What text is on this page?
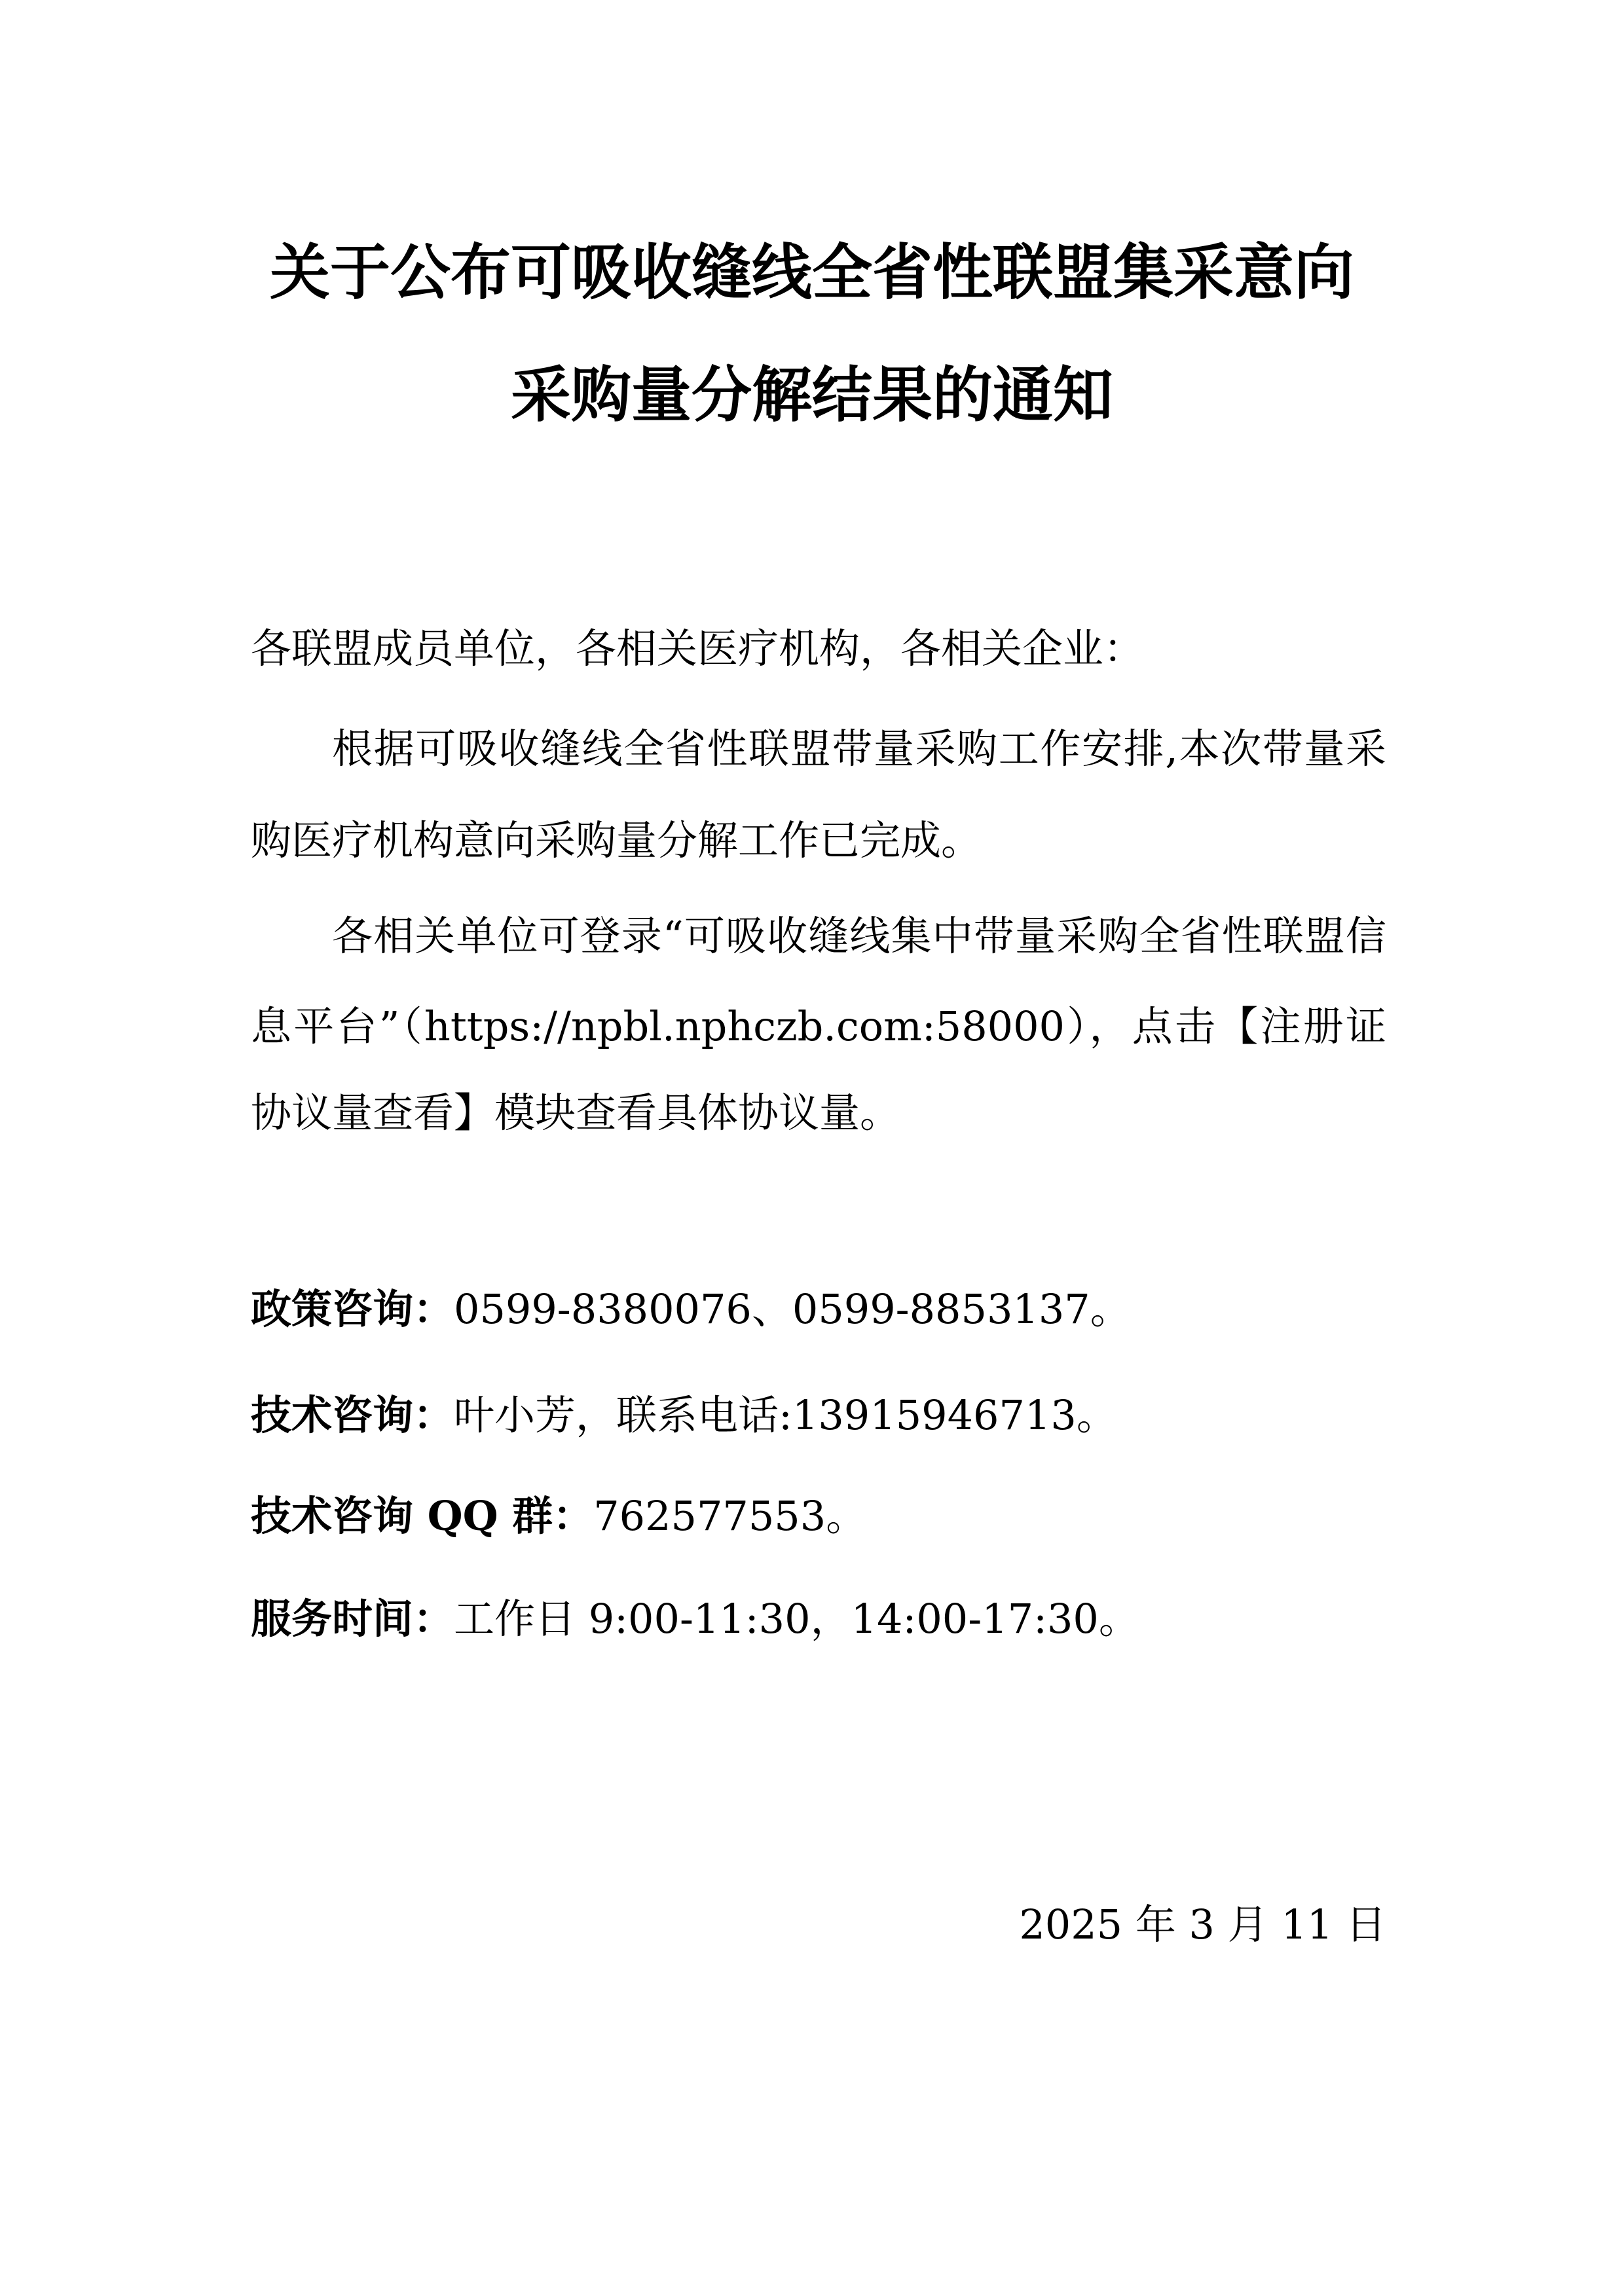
关于公布可吸收缝线全省性联盟集采意向
采购量分解结果的通知
各联盟成员单位，各相关医疗机构，各相关企业：
根据可吸收缝线全省性联盟带量采购工作安排,本次带量采
购医疗机构意向采购量分解工作已完成。
各相关单位可登录“可吸收缝线集中带量采购全省性联盟信
息平台”（https://npbl.nphczb.com:58000），点击【注册证
协议量查看】模块查看具体协议量。
政策咨询：0599-8380076、0599-8853137。
技术咨询：叶小芳，联系电话:13915946713。
技术咨询 QQ 群：762577553。
服务时间：工作日 9:00-11:30，14:00-17:30。
2025 年 3 月 11 日
